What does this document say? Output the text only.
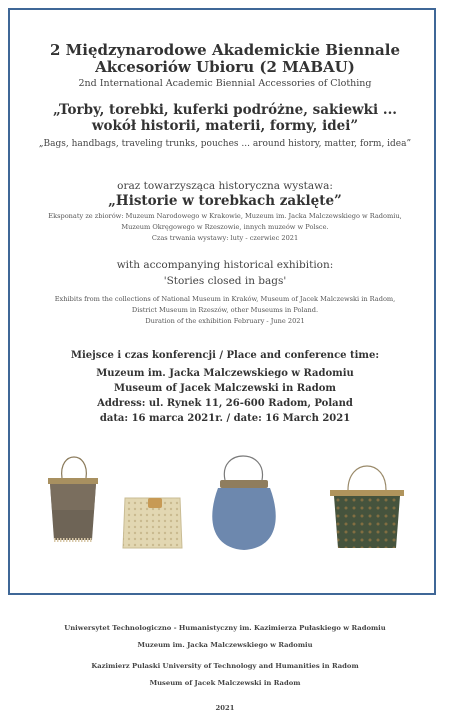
2 Międzynarodowe Akademickie Biennale
Akcesoriów Ubioru (2 MABAU)
2nd International Academic Biennial Accessories of Clothing
„Torby, torebki, kuferki podróżne, sakiewki ...
wokół historii, materii, formy, idei”
„Bags, handbags, traveling trunks, pouches ... around history, matter, form, idea”
oraz towarzysząca historyczna wystawa:
„Historie w torebkach zaklęte”
Eksponaty ze zbiorów: Muzeum Narodowego w Krakowie, Muzeum im. Jacka Malczewskiego w Radomiu,
Muzeum Okręgowego w Rzeszowie, innych muzeów w Polsce.
Czas trwania wystawy: luty - czerwiec 2021
with accompanying historical exhibition:
'Stories closed in bags'
Exhibits from the collections of National Museum in Kraków, Museum of Jacek Malczewski in Radom,
District Museum in Rzeszów, other Museums in Poland.
Duration of the exhibition February - June 2021
Miejsce i czas konferencji / Place and conference time:
Muzeum im. Jacka Malczewskiego w Radomiu
Museum of Jacek Malczewski in Radom
Address: ul. Rynek 11, 26-600 Radom, Poland
data: 16 marca 2021r. / date: 16 March 2021
Uniwersytet Technologiczno - Humanistyczny im. Kazimierza Pułaskiego w Radomiu
Muzeum im. Jacka Malczewskiego w Radomiu
Kazimierz Pulaski University of Technology and Humanities in Radom
Museum of Jacek Malczewski in Radom
2021
